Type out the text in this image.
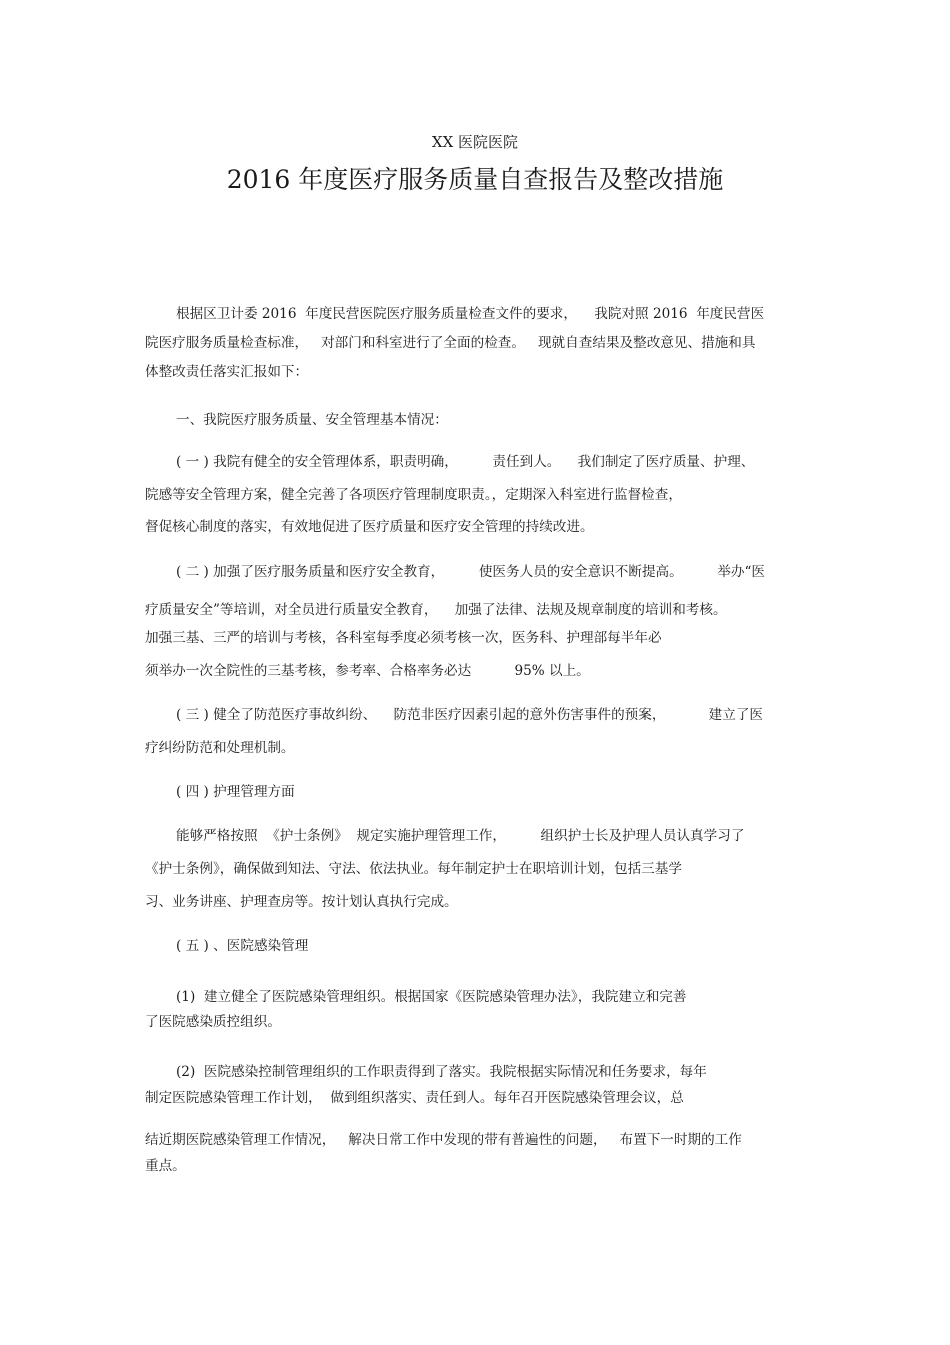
XX 医院医院
2016 年度医疗服务质量自查报告及整改措施
根据区卫计委 2016  年度民营医院医疗服务质量检查文件的要求，    我院对照 2016  年度民营医
院医疗服务质量检查标准，   对部门和科室进行了全面的检查。   现就自查结果及整改意见、措施和具
体整改责任落实汇报如下：
一、我院医疗服务质量、安全管理基本情况：
( 一 ) 我院有健全的安全管理体系，职责明确，        责任到人。    我们制定了医疗质量、护理、
院感等安全管理方案，健全完善了各项医疗管理制度职责。，定期深入科室进行监督检查，
督促核心制度的落实，有效地促进了医疗质量和医疗安全管理的持续改进。
( 二 ) 加强了医疗服务质量和医疗安全教育，        使医务人员的安全意识不断提高。        举办“医
疗质量安全”等培训，对全员进行质量安全教育，    加强了法律、法规及规章制度的培训和考核。
加强三基、三严的培训与考核，各科室每季度必须考核一次，医务科、护理部每半年必
须举办一次全院性的三基考核，参考率、合格率务必达          95% 以上。
( 三 ) 健全了防范医疗事故纠纷、    防范非医疗因素引起的意外伤害事件的预案，          建立了医
疗纠纷防范和处理机制。
( 四 ) 护理管理方面
能够严格按照  《护士条例》  规定实施护理管理工作，        组织护士长及护理人员认真学习了
《护士条例》，确保做到知法、守法、依法执业。每年制定护士在职培训计划，包括三基学
习、业务讲座、护理查房等。按计划认真执行完成。
( 五 ) 、医院感染管理
(1)  建立健全了医院感染管理组织。根据国家《医院感染管理办法》，我院建立和完善
了医院感染质控组织。
(2)  医院感染控制管理组织的工作职责得到了落实。我院根据实际情况和任务要求，每年
制定医院感染管理工作计划，  做到组织落实、责任到人。每年召开医院感染管理会议，总
结近期医院感染管理工作情况，   解决日常工作中发现的带有普遍性的问题，   布置下一时期的工作
重点。
